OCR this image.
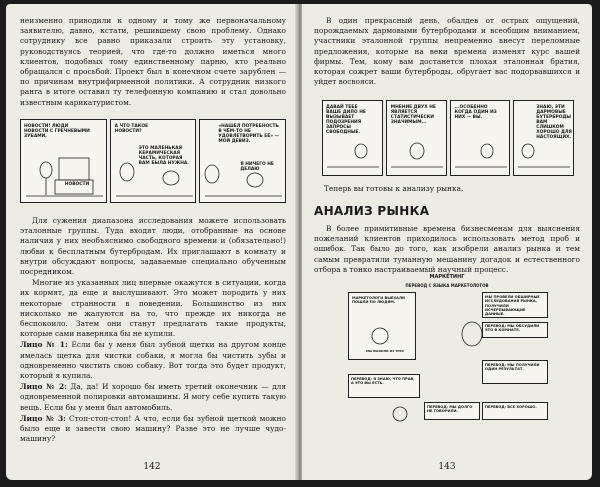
неизменно приводили к одному и тому же первоначальному заявителю, давно, кстати, решившему свою проблему. Однако сотруднику все равно приказали строить эту установку, руководствуясь теорией, что где-то должно иметься много клиентов, подобных тому единственному парню, кто реально обращался с просьбой. Проект был в конечном счете зарублен — по причинам внутрифирменной политики. А сотрудник низкого ранга в итоге оставил ту телефонную компанию и стал довольно известным карикатуристом.

НОВОСТИ! ЛЮДИ НОВОСТИ С ГРЕЧНЕВЫМИ ЗУБАМИ.
НОВОСТИ
А ЧТО ТАКОЕ НОВОСТИ?
ЭТО МАЛЕНЬКАЯ КЕРАМИЧЕСКАЯ ЧАСТЬ, КОТОРАЯ ВАМ БЫЛА НУЖНА.
«НАШЕЛ ПОТРЕБНОСТЬ В ЧЁМ-ТО НЕ УДОВЛЕТВОРИТЬ ЕЁ» — МОЙ ДЕВИЗ.
Я НИЧЕГО НЕ ДЕЛАЮ

Для сужения диапазона исследования можете использовать эталонные группы. Туда входят люди, отобранные на основе наличия у них необъяснимо свободного времени и (обязательно!) любви к бесплатным бутербродам. Их приглашают в комнату и внутри обсуждают вопросы, задаваемые специально обученным посредником.

Многие из указанных лиц впервые окажутся в ситуации, когда их кормят, да еще и выслушивают. Это может породить у них некоторые странности в поведении. Большинство из них нисколько не жалуются на то, что прежде их никогда не беспокоило. Затем они станут предлагать такие продукты, которые сами наверняка бы не купили.

Лицо № 1: Если бы у меня был зубной щетки на другом конце имелась щетка для чистки собаки, я могла бы чистить зубы и одновременно чистить свою собаку. Вот тогда это будет продукт, который я купила.

Лицо № 2: Да, да! И хорошо бы иметь третий оконечник — для одновременной полировки автомашины. Я могу себе купить такую вещь. Если бы у меня был автомобиль.

Лицо № 3: Стоп-стоп-стоп! А что, если бы зубной щеткой можно было еще и завести свою машину? Разве это не лучше чудо-машину?

142

В один прекрасный день, обалдев от острых ощущений, порождаемых дармовыми бутербродами и всеобщим вниманием, участники эталонной группы непременно внесут переломные предложения, которые на веки времена изменят курс вашей фирмы. Тем, кому вам достанется плохая эталонная братия, которая сожрет ваши бутерброды, обругает вас подорвавшихся и уйдет восвояси.

ДАВАЙ ТЕБЕ ВАШЕ ДИЛО НЕ ВЫЗЫВАЕТ ПОДОЗРЕНИЯ ЗАПРОСЫ СВОБОДНЫЕ.
МНЕНИЕ ДВУХ НЕ ЯВЛЯЕТСЯ СТАТИСТИЧЕСКИ ЗНАЧИМЫМ...
...ОСОБЕННО КОГДА ОДИН ИЗ НИХ — ВЫ.
ЗНАЮ, ЭТИ ДАРМОВЫЕ БУТЕРБРОДЫ ВАМ СЛИШКОМ ХОРОШО ДЛЯ НАСТОЯЩИХ.
Теперь вы готовы к анализу рынка.
АНАЛИЗ РЫНКА

В более примитивные времена бизнесменам для выяснения пожеланий клиентов приходилось использовать метод проб и ошибок. Так было до того, как изобрели анализ рынка и тем самым превратили туманную мешанину догадок и естественного отбора в тонко настраиваемый научный процесс.

МАРКЕТИНГ
ПЕРЕВОД С ЯЗЫКА МАРКЕТОЛОГОВ
МАРКЕТОЛОГИ ВЫЕХАЛИ ПОШЛИ ПО ЛЮДЯМ.
МЫ ПРОВЕЛИ ОБШИРНЫЕ ИССЛЕДОВАНИЯ РЫНКА, ПОЛУЧИЛИ ИСЧЕРПЫВАЮЩИЕ ДАННЫЕ.
ПЕРЕВОД: МЫ ОБСУДИЛИ ЭТО В КОМНАТЕ.
МЫ ВЫЛИЛИ ИЗ ТРЕХ
ПЕРЕВОД: МЫ ПОЛУЧИЛИ ОДИН РЕЗУЛЬТАТ.
ПЕРЕВОД: Я ЗНАЮ, ЧТО ПРАВ, А ЭТО ВЫ ЕСТЬ.
ПЕРЕВОД: МЫ ДОЛГО НЕ ГОВОРИЛИ.
ПЕРЕВОД: ВСЕ ХОРОШО.
143
